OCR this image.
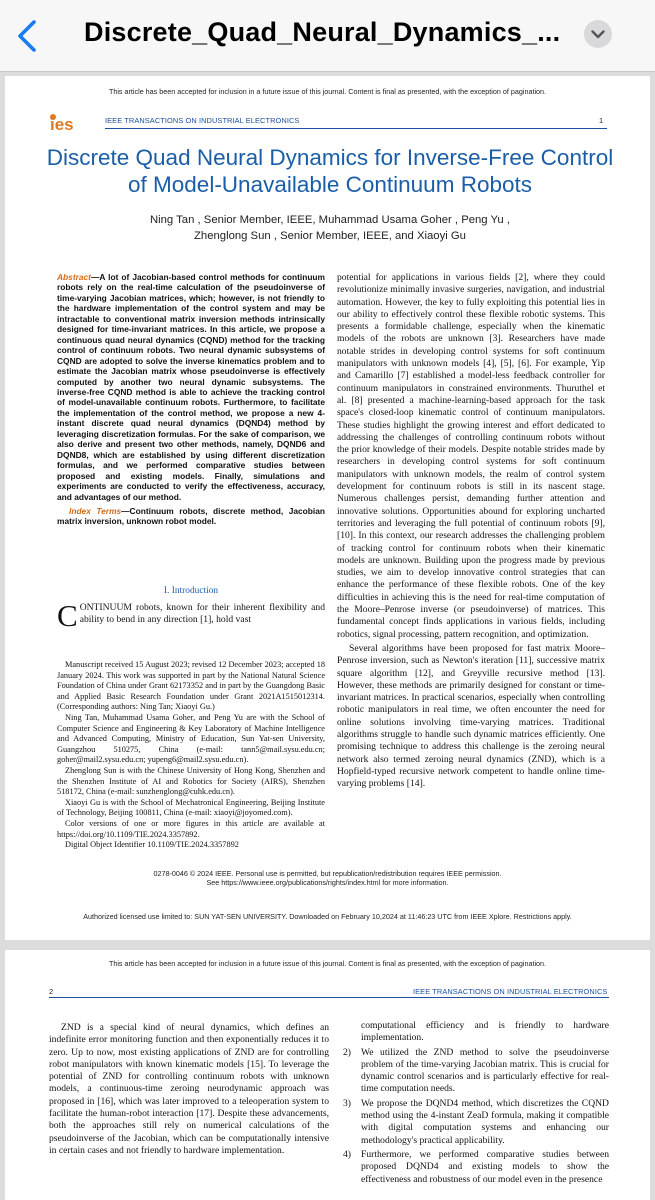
Discrete_Quad_Neural_Dynamics_...
This article has been accepted for inclusion in a future issue of this journal. Content is final as presented, with the exception of pagination.
ies	IEEE TRANSACTIONS ON INDUSTRIAL ELECTRONICS	1
Discrete Quad Neural Dynamics for Inverse-Free Control of Model-Unavailable Continuum Robots
Ning Tan , Senior Member, IEEE, Muhammad Usama Goher , Peng Yu ,
Zhenglong Sun , Senior Member, IEEE, and Xiaoyi Gu
Abstract—A lot of Jacobian-based control methods for continuum robots rely on the real-time calculation of the pseudoinverse of time-varying Jacobian matrices, which; however, is not friendly to the hardware implementation of the control system and may be intractable to conventional matrix inversion methods intrinsically designed for time-invariant matrices. In this article, we propose a continuous quad neural dynamics (CQND) method for the tracking control of continuum robots. Two neural dynamic subsystems of CQND are adopted to solve the inverse kinematics problem and to estimate the Jacobian matrix whose pseudoinverse is effectively computed by another two neural dynamic subsystems. The inverse-free CQND method is able to achieve the tracking control of model-unavailable continuum robots. Furthermore, to facilitate the implementation of the control method, we propose a new 4-instant discrete quad neural dynamics (DQND4) method by leveraging discretization formulas. For the sake of comparison, we also derive and present two other methods, namely, DQND6 and DQND8, which are established by using different discretization formulas, and we performed comparative studies between proposed and existing models. Finally, simulations and experiments are conducted to verify the effectiveness, accuracy, and advantages of our method.
Index Terms—Continuum robots, discrete method, Jacobian matrix inversion, unknown robot model.
I. Introduction
CONTINUUM robots, known for their inherent flexibility and ability to bend in any direction [1], hold vast

Manuscript received 15 August 2023; revised 12 December 2023; accepted 18 January 2024. This work was supported in part by the National Natural Science Foundation of China under Grant 62173352 and in part by the Guangdong Basic and Applied Basic Research Foundation under Grant 2021A1515012314. (Corresponding authors: Ning Tan; Xiaoyi Gu.)

Ning Tan, Muhammad Usama Goher, and Peng Yu are with the School of Computer Science and Engineering & Key Laboratory of Machine Intelligence and Advanced Computing, Ministry of Education, Sun Yat-sen University, Guangzhou 510275, China (e-mail: tann5@mail.sysu.edu.cn; goher@mail2.sysu.edu.cn; yupeng6@mail2.sysu.edu.cn).

Zhenglong Sun is with the Chinese University of Hong Kong, Shenzhen and the Shenzhen Institute of AI and Robotics for Society (AIRS), Shenzhen 518172, China (e-mail: sunzhenglong@cuhk.edu.cn).

Xiaoyi Gu is with the School of Mechatronical Engineering, Beijing Institute of Technology, Beijing 100811, China (e-mail: xiaoyi@joyomed.com).

Color versions of one or more figures in this article are available at https://doi.org/10.1109/TIE.2024.3357892.

Digital Object Identifier 10.1109/TIE.2024.3357892

potential for applications in various fields [2], where they could revolutionize minimally invasive surgeries, navigation, and industrial automation. However, the key to fully exploiting this potential lies in our ability to effectively control these flexible robotic systems. This presents a formidable challenge, especially when the kinematic models of the robots are unknown [3]. Researchers have made notable strides in developing control systems for soft continuum manipulators with unknown models [4], [5], [6]. For example, Yip and Camarillo [7] established a model-less feedback controller for continuum manipulators in constrained environments. Thuruthel et al. [8] presented a machine-learning-based approach for the task space's closed-loop kinematic control of continuum manipulators. These studies highlight the growing interest and effort dedicated to addressing the challenges of controlling continuum robots without the prior knowledge of their models. Despite notable strides made by researchers in developing control systems for soft continuum manipulators with unknown models, the realm of control system development for continuum robots is still in its nascent stage. Numerous challenges persist, demanding further attention and innovative solutions. Opportunities abound for exploring uncharted territories and leveraging the full potential of continuum robots [9], [10]. In this context, our research addresses the challenging problem of tracking control for continuum robots when their kinematic models are unknown. Building upon the progress made by previous studies, we aim to develop innovative control strategies that can enhance the performance of these flexible robots. One of the key difficulties in achieving this is the need for real-time computation of the Moore–Penrose inverse (or pseudoinverse) of matrices. This fundamental concept finds applications in various fields, including robotics, signal processing, pattern recognition, and optimization.

Several algorithms have been proposed for fast matrix Moore–Penrose inversion, such as Newton's iteration [11], successive matrix square algorithm [12], and Greyville recursive method [13]. However, these methods are primarily designed for constant or time-invariant matrices. In practical scenarios, especially when controlling robotic manipulators in real time, we often encounter the need for online solutions involving time-varying matrices. Traditional algorithms struggle to handle such dynamic matrices efficiently. One promising technique to address this challenge is the zeroing neural network also termed zeroing neural dynamics (ZND), which is a Hopfield-typed recursive network competent to handle online time-varying problems [14].

0278-0046 © 2024 IEEE. Personal use is permitted, but republication/redistribution requires IEEE permission.
See https://www.ieee.org/publications/rights/index.html for more information.
Authorized licensed use limited to: SUN YAT-SEN UNIVERSITY. Downloaded on February 10,2024 at 11:46:23 UTC from IEEE Xplore. Restrictions apply.
This article has been accepted for inclusion in a future issue of this journal. Content is final as presented, with the exception of pagination.
2	IEEE TRANSACTIONS ON INDUSTRIAL ELECTRONICS
ZND is a special kind of neural dynamics, which defines an indefinite error monitoring function and then exponentially reduces it to zero. Up to now, most existing applications of ZND are for controlling robot manipulators with known kinematic models [15]. To leverage the potential of ZND for controlling continuum robots with unknown models, a continuous-time zeroing neurodynamic approach was proposed in [16], which was later improved to a teleoperation system to facilitate the human-robot interaction [17]. Despite these advancements, both the approaches still rely on numerical calculations of the pseudoinverse of the Jacobian, which can be computationally intensive in certain cases and not friendly to hardware implementation.
computational efficiency and is friendly to hardware implementation.
2) We utilized the ZND method to solve the pseudoinverse problem of the time-varying Jacobian matrix. This is crucial for dynamic control scenarios and is particularly effective for real-time computation needs.
3) We propose the DQND4 method, which discretizes the CQND method using the 4-instant ZeaD formula, making it compatible with digital computation systems and enhancing our methodology's practical applicability.
4) Furthermore, we performed comparative studies between proposed DQND4 and existing models to show the effectiveness and robustness of our model even in the presence
